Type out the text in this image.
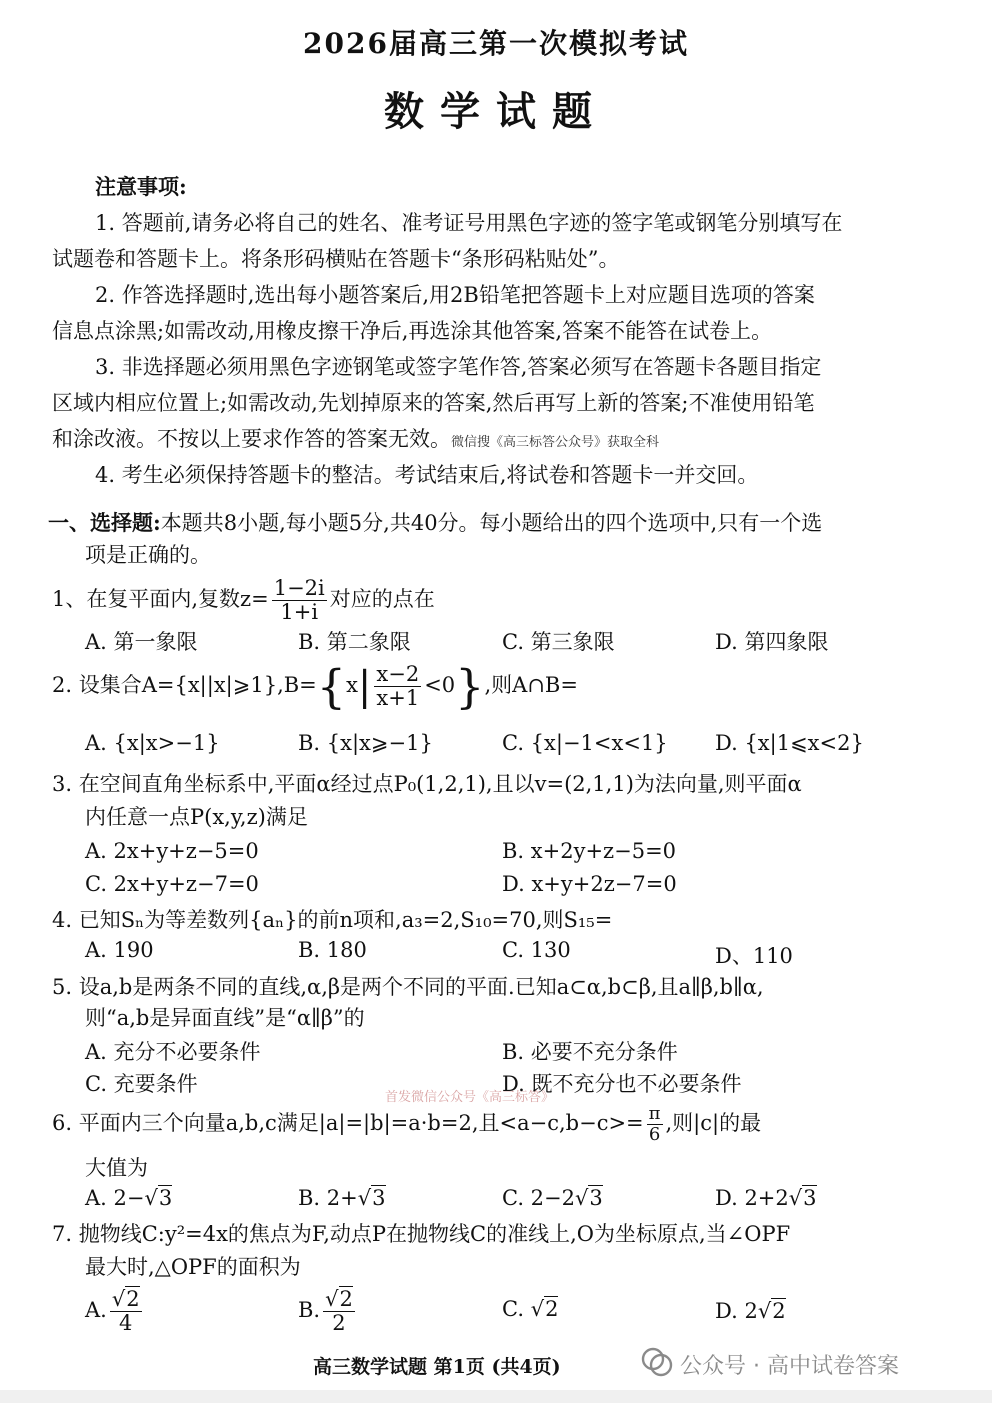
2026届高三第一次模拟考试
数学试题
注意事项:
1. 答题前,请务必将自己的姓名、准考证号用黑色字迹的签字笔或钢笔分别填写在
试题卷和答题卡上。将条形码横贴在答题卡“条形码粘贴处”。
2. 作答选择题时,选出每小题答案后,用2B铅笔把答题卡上对应题目选项的答案
信息点涂黑;如需改动,用橡皮擦干净后,再选涂其他答案,答案不能答在试卷上。
3. 非选择题必须用黑色字迹钢笔或签字笔作答,答案必须写在答题卡各题目指定
区域内相应位置上;如需改动,先划掉原来的答案,然后再写上新的答案;不准使用铅笔
和涂改液。不按以上要求作答的答案无效。微信搜《高三标答公众号》获取全科
4. 考生必须保持答题卡的整洁。考试结束后,将试卷和答题卡一并交回。
一、选择题:本题共8小题,每小题5分,共40分。每小题给出的四个选项中,只有一个选
项是正确的。
1、在复平面内,复数$z= \frac{1-2i}{1+i}$ 对应的点在
A. 第一象限	B. 第二象限	C. 第三象限	D. 第四象限
2. 设集合A={x||x|⩾1},B={x| $\frac{x-2}{x+1} <0$},则A∩B=
A. {x|x>−1}	B. {x|x⩾−1}	C. {x|−1<x<1} D. {x|1⩽x<2}
3. 在空间直角坐标系中,平面α经过点P₀(1,2,1),且以v=(2,1,1)为法向量,则平面α
内任意一点P(x,y,z)满足
A. 2x+y+z−5=0	B. x+2y+z−5=0
C. 2x+y+z−7=0	D. x+y+2z−7=0
4. 已知Sₙ为等差数列{aₙ}的前n项和,a₃=2,S₁₀=70,则S₁₅=
A. 190	B. 180	C. 130	D、110
5. 设a,b是两条不同的直线,α,β是两个不同的平面.已知a⊂α,b⊂β,且a∥β,b∥α,
则“a,b是异面直线”是“α∥β”的
A. 充分不必要条件	B. 必要不充分条件
C. 充要条件
首发微信公众号《高三标答》
D. 既不充分也不必要条件
6. 平面内三个向量a,b,c满足|a|=|b|=a·b=2,且$<a-c,b-c>= \frac{\pi}{6}$ ,则|c|的最
大值为
A. 2−√3	B. 2+√3	C. 2−2√3	D. 2+2√3
7. 抛物线C:y²=4x的焦点为F,动点P在抛物线C的准线上,O为坐标原点,当∠OPF
最大时,△OPF的面积为
A. $\frac{√2}{4}$	B. $\frac{√2}{2}$	C. √2	D. 2√2
高三数学试题 第1页 (共4页)	公众号 · 高中试卷答案
